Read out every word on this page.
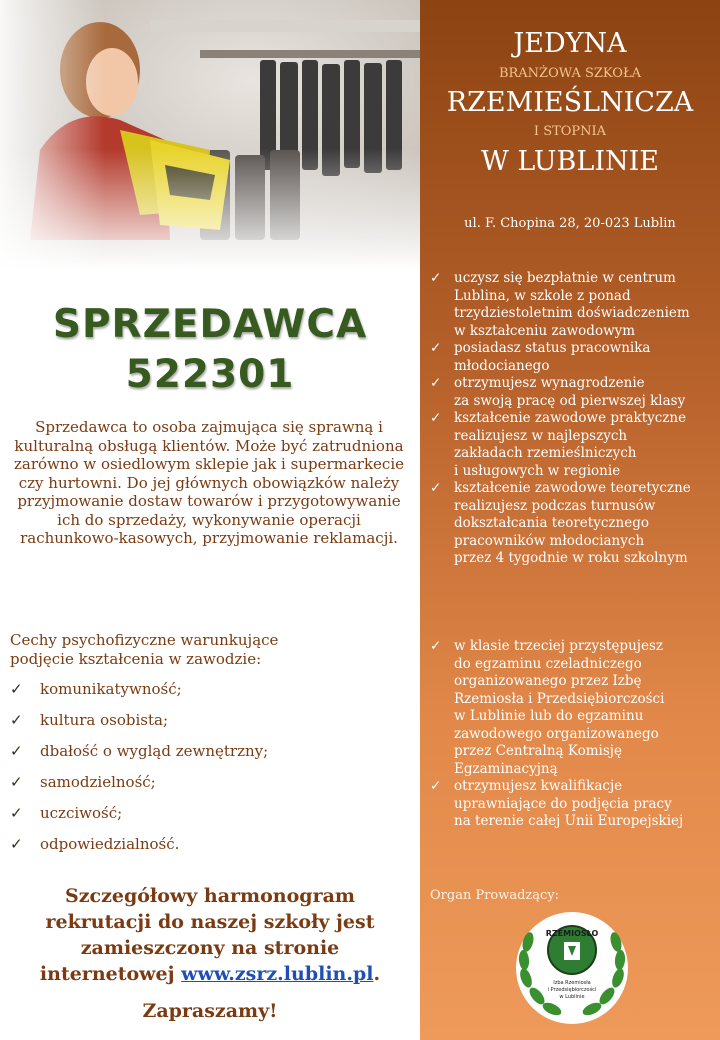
SPRZEDAWCA
522301
Sprzedawca to osoba zajmująca się sprawną i kulturalną obsługą klientów. Może być zatrudniona zarówno w osiedlowym sklepie jak i supermarkecie czy hurtowni. Do jej głównych obowiązków należy przyjmowanie dostaw towarów i przygotowywanie ich do sprzedaży, wykonywanie operacji rachunkowo-kasowych, przyjmowanie reklamacji.
Cechy psychofizyczne warunkujące
podjęcie kształcenia w zawodzie:
✓	komunikatywność;
✓	kultura osobista;
✓	dbałość o wygląd zewnętrzny;
✓	samodzielność;
✓	uczciwość;
✓	odpowiedzialność.
Szczegółowy harmonogram
rekrutacji do naszej szkoły jest
zamieszczony na stronie
internetowej www.zsrz.lublin.pl.
Zapraszamy!
JEDYNA
BRANŻOWA SZKOŁA
RZEMIEŚLNICZA
I STOPNIA
W LUBLINIE
ul. F. Chopina 28, 20-023 Lublin
✓ uczysz się bezpłatnie w centrum
Lublina, w szkole z ponad
trzydziestoletnim doświadczeniem
w kształceniu zawodowym
✓ posiadasz status pracownika
młodocianego
✓ otrzymujesz wynagrodzenie
za swoją pracę od pierwszej klasy
✓ kształcenie zawodowe praktyczne
realizujesz w najlepszych
zakładach rzemieślniczych
i usługowych w regionie
✓ kształcenie zawodowe teoretyczne
realizujesz podczas turnusów
dokształcania teoretycznego
pracowników młodocianych
przez 4 tygodnie w roku szkolnym
✓ w klasie trzeciej przystępujesz
do egzaminu czeladniczego
organizowanego przez Izbę
Rzemiosła i Przedsiębiorczości
w Lublinie lub do egzaminu
zawodowego organizowanego
przez Centralną Komisję
Egzaminacyjną
✓ otrzymujesz kwalifikacje
uprawniające do podjęcia pracy
na terenie całej Unii Europejskiej
Organ Prowadzący:
RZEMIOSŁO
Izba Rzemiosła
i Przedsiębiorczości
w Lublinie
